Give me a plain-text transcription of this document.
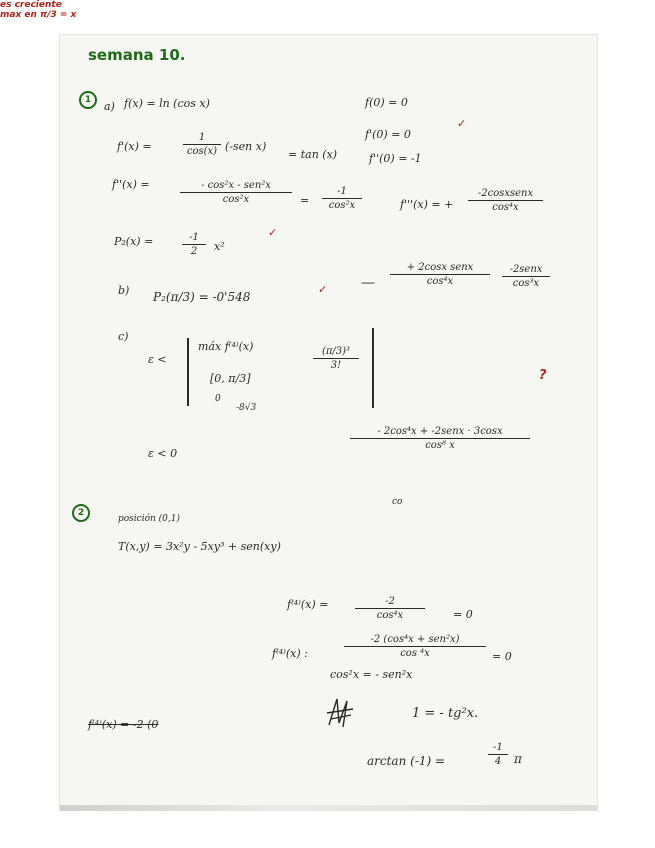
semana 10.
1 a) f(x) = ln (cos x)	f(0) = 0
f'(x) =
1
cos(x) (-sen x)
= tan (x)
f'(0) = 0
f''(0) = -1
✓
f''(x) =	- cos²x - sen²x
cos²x	=
-1
cos²x	f'''(x) = +
-2cosxsenx
cos⁴x
P₂(x) =	-1
2	x²
✓
—
+ 2cosx senx
cos⁴x
-2senx
cos³x
b) P₂(π/3) = -0'548
✓
c)
ε <
máx f⁽⁴⁾(x)
[0, π/3]
0
-8√3
(π/3)³
3!
es creciente
max en π/3 = x
?
ε < 0
- 2cos⁴x + -2senx · 3cosx
cos⁸ x
co
2
posición (0,1)
T(x,y) = 3x²y - 5xy³ + sen(xy)
f⁽⁴⁾(x) =	-2
cos⁴x	= 0
f⁽⁴⁾(x) :
-2 (cos⁴x + sen²x)
cos ⁴x	= 0
cos²x = - sen²x
1 = - tg²x.
f⁽⁴⁾(x) = -2 (0
arctan (-1) =
-1
4	π
